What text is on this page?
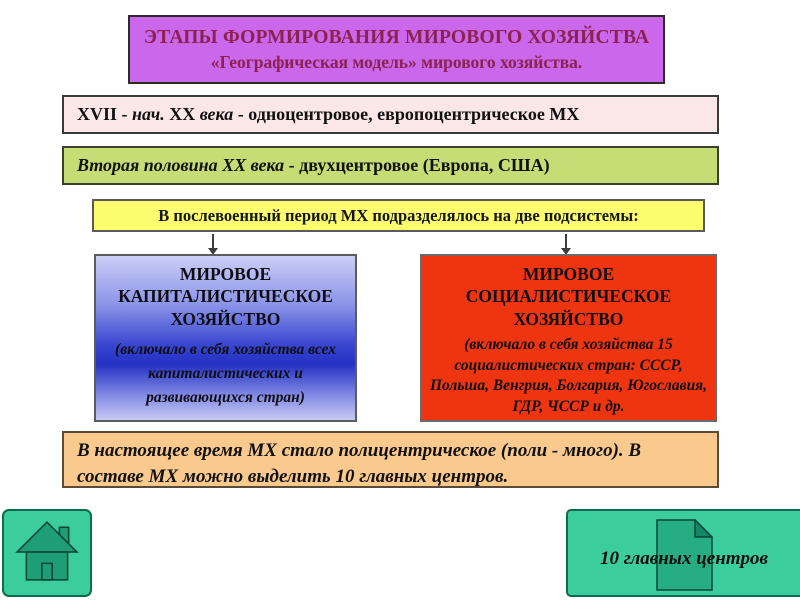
ЭТАПЫ ФОРМИРОВАНИЯ МИРОВОГО ХОЗЯЙСТВА
«Географическая модель» мирового хозяйства.
XVII - нач. XX века - одноцентровое, европоцентрическое МХ
Вторая половина XX века - двухцентровое (Европа, США)
В послевоенный период МХ подразделялось на две подсистемы:
МИРОВОЕ КАПИТАЛИСТИЧЕСКОЕ ХОЗЯЙСТВО
(включало в себя хозяйства всех капиталистических и развивающихся стран)
МИРОВОЕ СОЦИАЛИСТИЧЕСКОЕ ХОЗЯЙСТВО
(включало в себя хозяйства 15 социалистических стран: СССР, Польша, Венгрия, Болгария, Югославия, ГДР, ЧССР и др.
В настоящее время МХ стало полицентрическое (поли - много). В составе МХ можно выделить 10 главных центров.
10 главных центров
